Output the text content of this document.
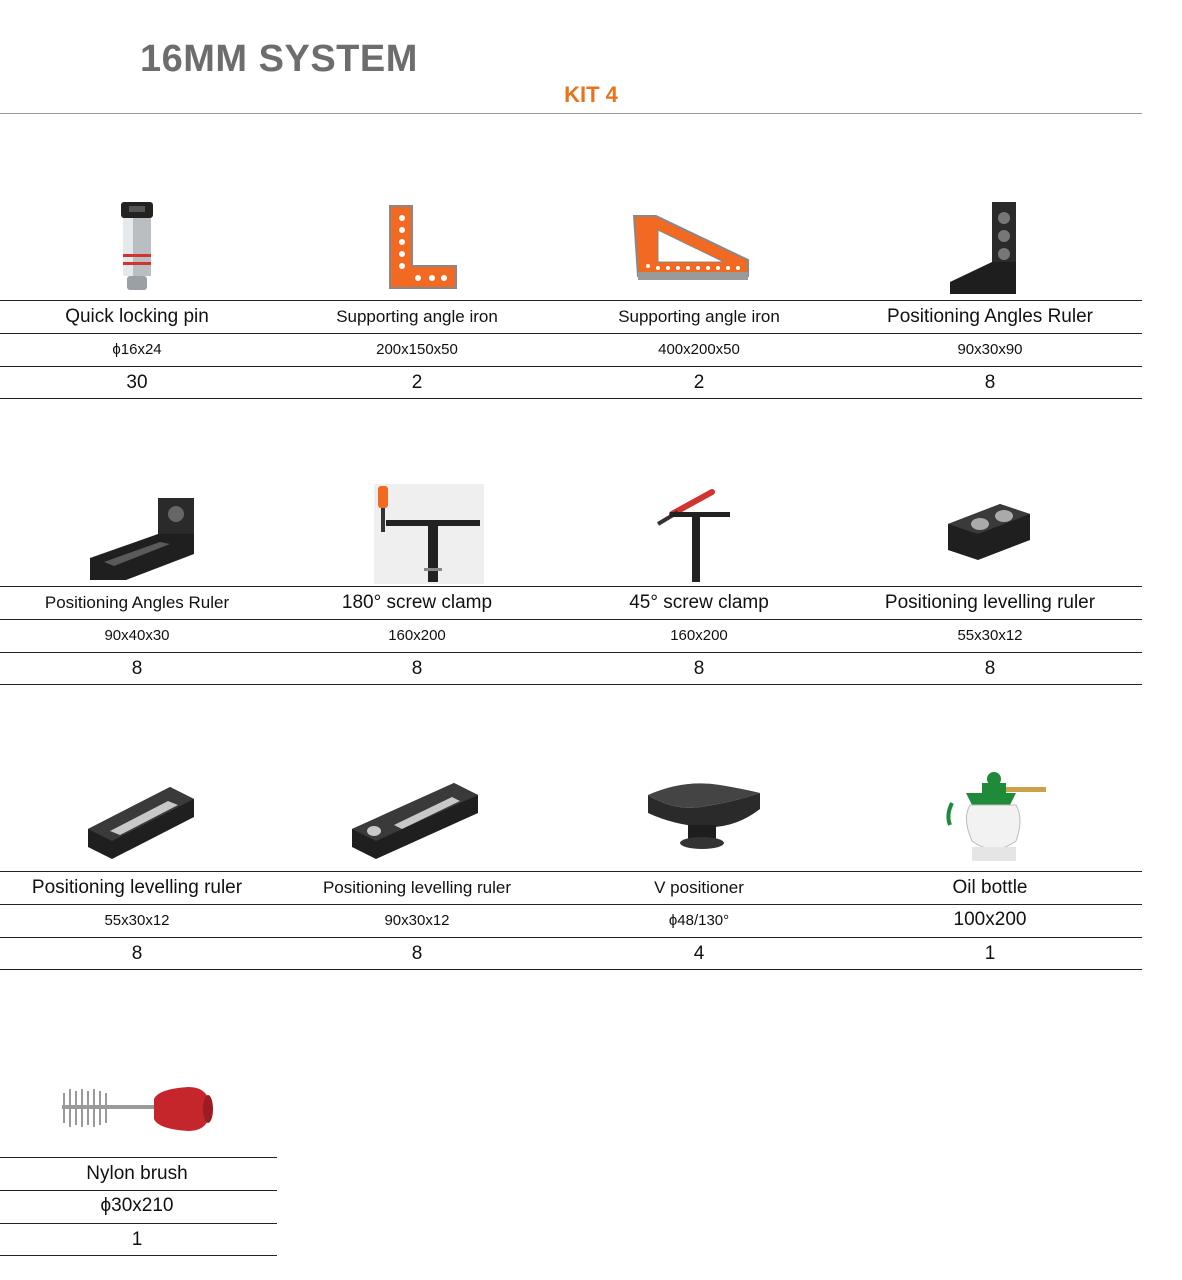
16MM SYSTEM
KIT 4
Quick locking pin
ϕ16x24
30
Supporting angle iron
200x150x50
2
Supporting angle iron
400x200x50
2
Positioning Angles Ruler
90x30x90
8
Positioning Angles Ruler
90x40x30
8
180° screw clamp
160x200
8
45° screw clamp
160x200
8
Positioning levelling ruler
55x30x12
8
Positioning levelling ruler
55x30x12
8
Positioning levelling ruler
90x30x12
8
V positioner
ϕ48/130°
4
Oil bottle
100x200
1
Nylon brush
ϕ30x210
1
